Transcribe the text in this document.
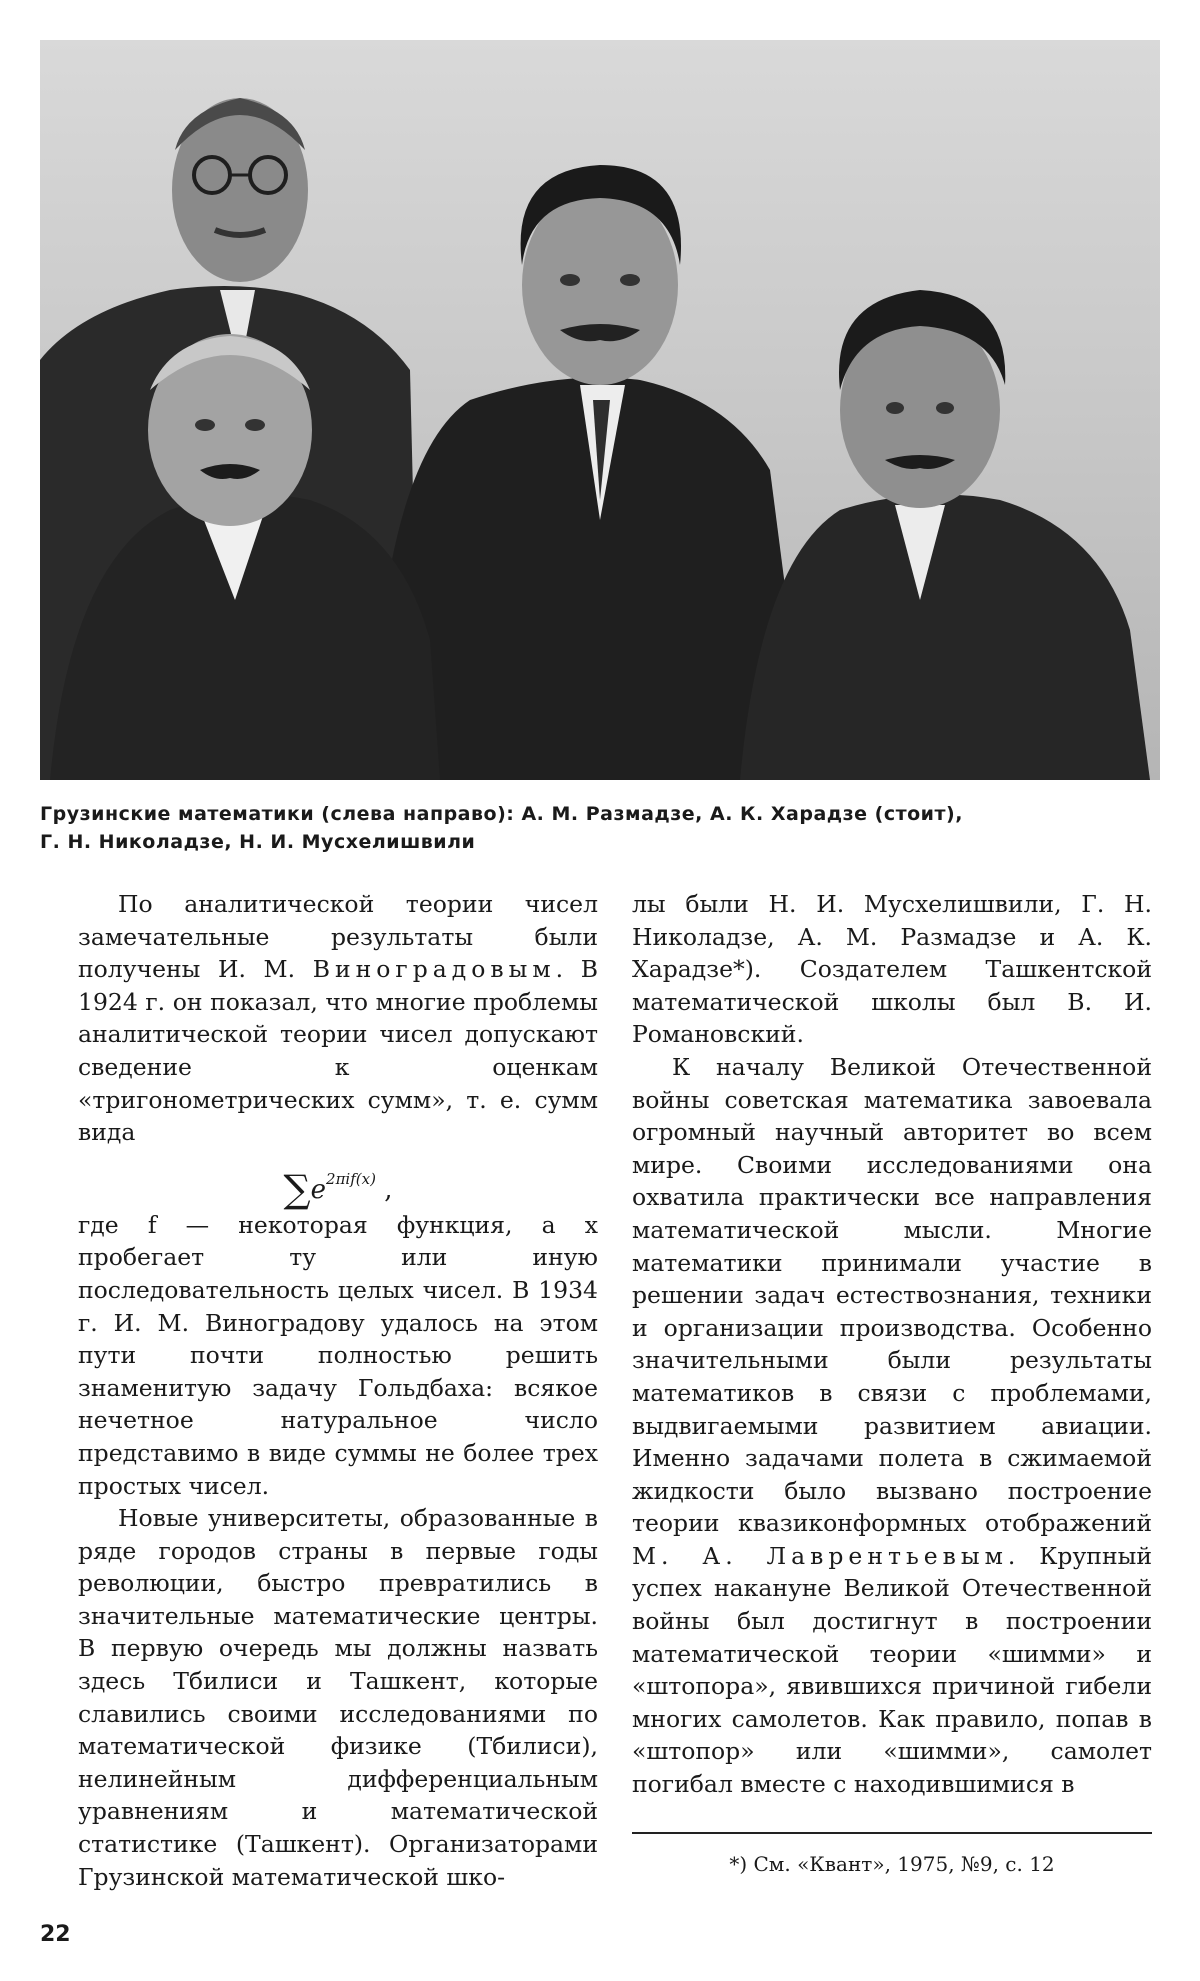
Грузинские математики (слева направо): А. М. Размадзе, А. К. Харадзе (стоит),
Г. Н. Николадзе, Н. И. Мусхелишвили

По аналитической теории чисел замечательные результаты были получены И. М. Виноградовым. В 1924 г. он показал, что многие проблемы аналитической теории чисел допускают сведение к оценкам «тригонометрических сумм», т. е. сумм вида

$\sum e^{2\pi if(x)}$ ,

где f — некоторая функция, а x пробегает ту или иную последовательность целых чисел. В 1934 г. И. М. Виноградову удалось на этом пути почти полностью решить знаменитую задачу Гольдбаха: всякое нечетное натуральное число представимо в виде суммы не более трех простых чисел.

Новые университеты, образованные в ряде городов страны в первые годы революции, быстро превратились в значительные математические центры. В первую очередь мы должны назвать здесь Тбилиси и Ташкент, которые славились своими исследованиями по математической физике (Тбилиси), нелинейным дифференциальным уравнениям и математической статистике (Ташкент). Организаторами Грузинской математической шко-

лы были Н. И. Мусхелишвили, Г. Н. Николадзе, А. М. Размадзе и А. К. Харадзе*). Создателем Ташкентской математической школы был В. И. Романовский.

К началу Великой Отечественной войны советская математика завоевала огромный научный авторитет во всем мире. Своими исследованиями она охватила практически все направления математической мысли. Многие математики принимали участие в решении задач естествознания, техники и организации производства. Особенно значительными были результаты математиков в связи с проблемами, выдвигаемыми развитием авиации. Именно задачами полета в сжимаемой жидкости было вызвано построение теории квазиконформных отображений М. А. Лаврентьевым. Крупный успех накануне Великой Отечественной войны был достигнут в построении математической теории «шимми» и «штопора», явившихся причиной гибели многих самолетов. Как правило, попав в «штопор» или «шимми», самолет погибал вместе с находившимися в

*) См. «Квант», 1975, №9, с. 12
22
